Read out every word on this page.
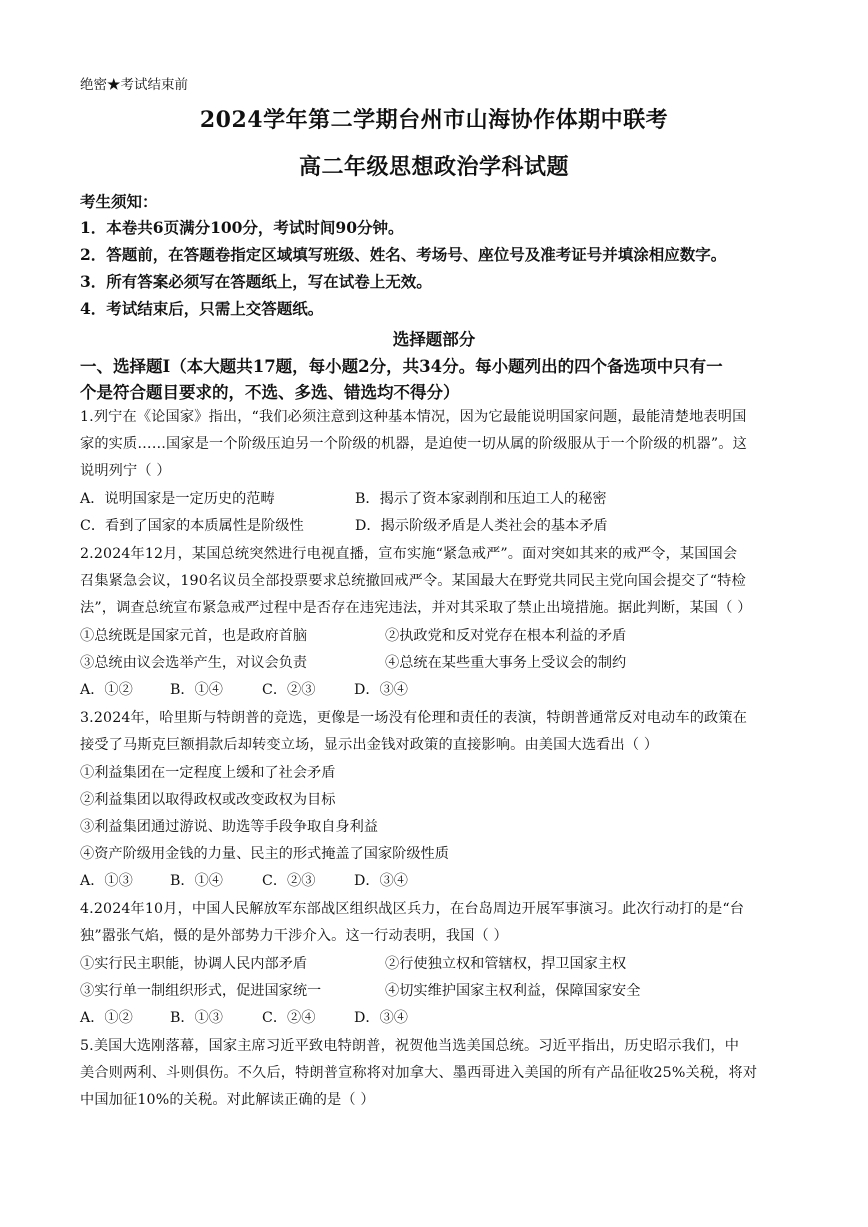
绝密★考试结束前
2024学年第二学期台州市山海协作体期中联考
高二年级思想政治学科试题
考生须知：
1．本卷共6页满分100分，考试时间90分钟。
2．答题前，在答题卷指定区域填写班级、姓名、考场号、座位号及准考证号并填涂相应数字。
3．所有答案必须写在答题纸上，写在试卷上无效。
4．考试结束后，只需上交答题纸。
选择题部分
一、选择题Ⅰ（本大题共17题，每小题2分，共34分。每小题列出的四个备选项中只有一
个是符合题目要求的，不选、多选、错选均不得分）
1.列宁在《论国家》指出，“我们必须注意到这种基本情况，因为它最能说明国家问题，最能清楚地表明国
家的实质……国家是一个阶级压迫另一个阶级的机器，是迫使一切从属的阶级服从于一个阶级的机器”。这
说明列宁（ ）
A．说明国家是一定历史的范畴	B．揭示了资本家剥削和压迫工人的秘密
C．看到了国家的本质属性是阶级性	D．揭示阶级矛盾是人类社会的基本矛盾
2.2024年12月，某国总统突然进行电视直播，宣布实施“紧急戒严”。面对突如其来的戒严令，某国国会
召集紧急会议，190名议员全部投票要求总统撤回戒严令。某国最大在野党共同民主党向国会提交了“特检
法”，调查总统宣布紧急戒严过程中是否存在违宪违法，并对其采取了禁止出境措施。据此判断，某国（ ）
①总统既是国家元首，也是政府首脑	②执政党和反对党存在根本利益的矛盾
③总统由议会选举产生，对议会负责	④总统在某些重大事务上受议会的制约
A．①②	B．①④	C．②③	D．③④
3.2024年，哈里斯与特朗普的竞选，更像是一场没有伦理和责任的表演，特朗普通常反对电动车的政策在
接受了马斯克巨额捐款后却转变立场，显示出金钱对政策的直接影响。由美国大选看出（ ）
①利益集团在一定程度上缓和了社会矛盾
②利益集团以取得政权或改变政权为目标
③利益集团通过游说、助选等手段争取自身利益
④资产阶级用金钱的力量、民主的形式掩盖了国家阶级性质
A．①③	B．①④	C．②③	D．③④
4.2024年10月，中国人民解放军东部战区组织战区兵力，在台岛周边开展军事演习。此次行动打的是“台
独”嚣张气焰，慑的是外部势力干涉介入。这一行动表明，我国（ ）
①实行民主职能，协调人民内部矛盾	②行使独立权和管辖权，捍卫国家主权
③实行单一制组织形式，促进国家统一	④切实维护国家主权利益，保障国家安全
A．①②	B．①③	C．②④	D．③④
5.美国大选刚落幕，国家主席习近平致电特朗普，祝贺他当选美国总统。习近平指出，历史昭示我们，中
美合则两利、斗则俱伤。不久后，特朗普宣称将对加拿大、墨西哥进入美国的所有产品征收25%关税，将对
中国加征10%的关税。对此解读正确的是（ ）
